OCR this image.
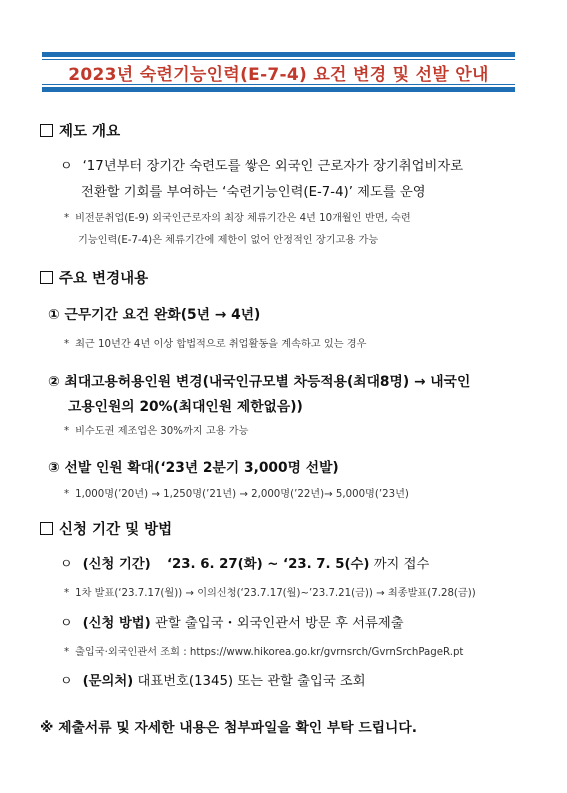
2023년 숙련기능인력(E-7-4) 요건 변경 및 선발 안내
제도 개요
ㅇ ‘17년부터 장기간 숙련도를 쌓은 외국인 근로자가 장기취업비자로
전환할 기회를 부여하는 ‘숙련기능인력(E-7-4)’ 제도를 운영
* 비전문취업(E-9) 외국인근로자의 최장 체류기간은 4년 10개월인 반면, 숙련
기능인력(E-7-4)은 체류기간에 제한이 없어 안정적인 장기고용 가능
주요 변경내용
① 근무기간 요건 완화(5년 → 4년)
* 최근 10년간 4년 이상 합법적으로 취업활동을 계속하고 있는 경우
② 최대고용허용인원 변경(내국인규모별 차등적용(최대8명) → 내국인
고용인원의 20%(최대인원 제한없음))
* 비수도권 제조업은 30%까지 고용 가능
③ 선발 인원 확대(‘23년 2분기 3,000명 선발)
* 1,000명(’20년) → 1,250명(’21년) → 2,000명(’22년)→ 5,000명(’23년)
신청 기간 및 방법
ㅇ (신청 기간) ‘23. 6. 27(화) ~ ‘23. 7. 5(수) 까지 접수
* 1차 발표(‘23.7.17(월)) → 이의신청(‘23.7.17(월)~’23.7.21(금)) → 최종발표(7.28(금))
ㅇ (신청 방법) 관할 출입국・외국인관서 방문 후 서류제출
* 출입국·외국인관서 조회 : https://www.hikorea.go.kr/gvrnsrch/GvrnSrchPageR.pt
ㅇ (문의처) 대표번호(1345) 또는 관할 출입국 조회
※ 제출서류 및 자세한 내용은 첨부파일을 확인 부탁 드립니다.
